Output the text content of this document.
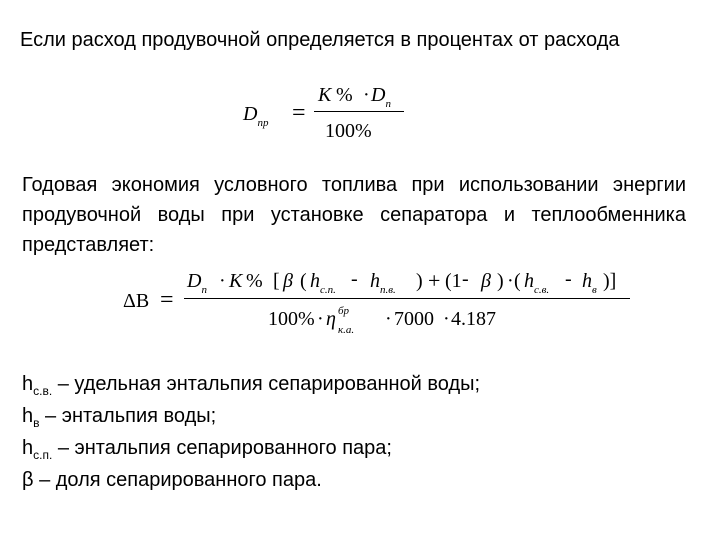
Если расход продувочной определяется в процентах от расхода
$D_{пр}$ =
K % · $D_п$
100%
Годовая экономия условного топлива при использовании энергии продувочной воды при установке сепаратора и теплообменника представляет:
ΔB =
$D_п \cdot K$ % [ β ( $h_{с.п.} - h_{п.в.}$ ) + (1 - β ) · ( $h_{с.в.} - h_в$ )]
100% · η бр
к.а. · 7000 · 4.187
$h_{с.в.}$ – удельная энтальпия сепарированной воды;
$h_в$ – энтальпия воды;
$h_{с.п.}$ – энтальпия сепарированного пара;
β – доля сепарированного пара.
